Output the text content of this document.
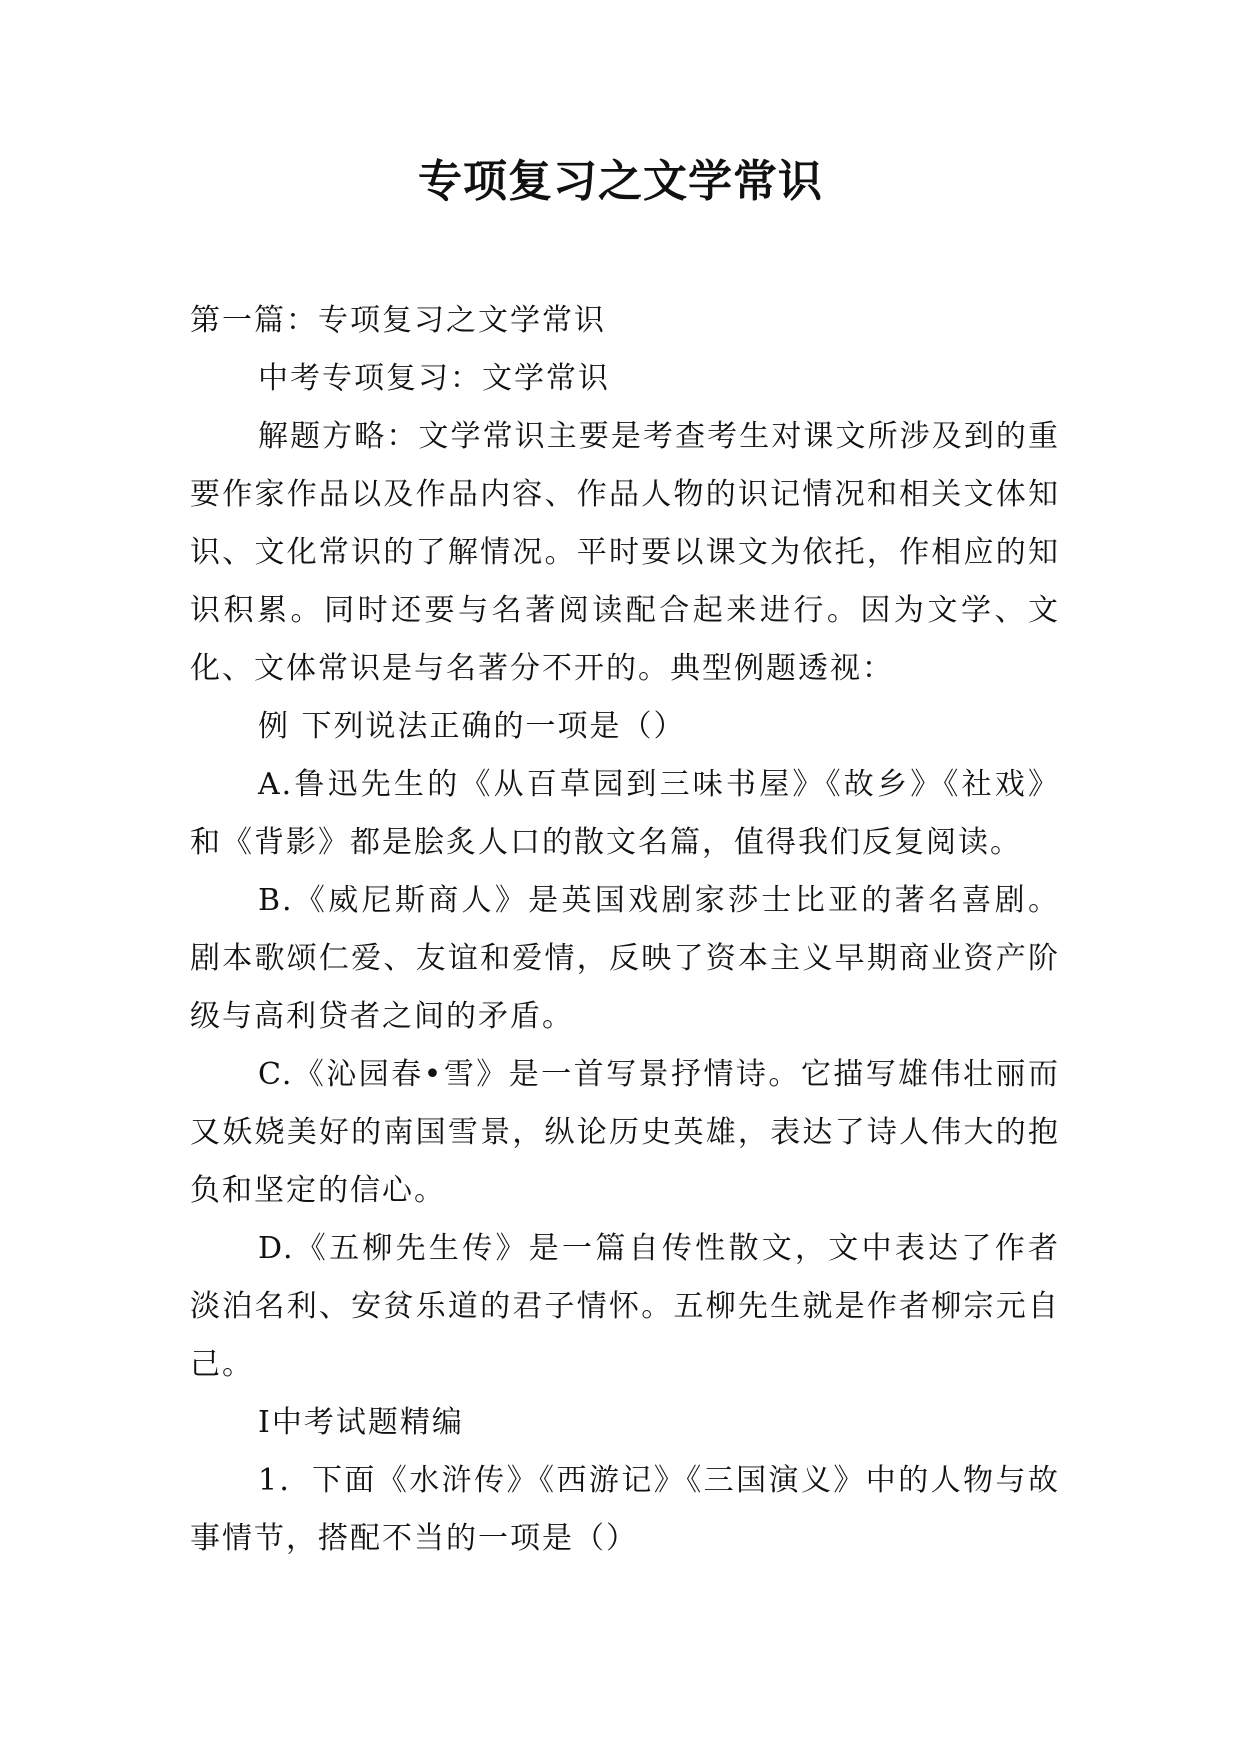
专项复习之文学常识

第一篇：专项复习之文学常识

中考专项复习：文学常识

解题方略：文学常识主要是考查考生对课文所涉及到的重要作家作品以及作品内容、作品人物的识记情况和相关文体知识、文化常识的了解情况。平时要以课文为依托，作相应的知识积累。同时还要与名著阅读配合起来进行。因为文学、文化、文体常识是与名著分不开的。典型例题透视：

例 下列说法正确的一项是（）

A.鲁迅先生的《从百草园到三味书屋》《故乡》《社戏》和《背影》都是脍炙人口的散文名篇，值得我们反复阅读。

B.《威尼斯商人》是英国戏剧家莎士比亚的著名喜剧。剧本歌颂仁爱、友谊和爱情，反映了资本主义早期商业资产阶级与高利贷者之间的矛盾。

C.《沁园春•雪》是一首写景抒情诗。它描写雄伟壮丽而又妖娆美好的南国雪景，纵论历史英雄，表达了诗人伟大的抱负和坚定的信心。

D.《五柳先生传》是一篇自传性散文，文中表达了作者淡泊名利、安贫乐道的君子情怀。五柳先生就是作者柳宗元自己。

Ⅰ中考试题精编

1．下面《水浒传》《西游记》《三国演义》中的人物与故事情节，搭配不当的一项是（）
